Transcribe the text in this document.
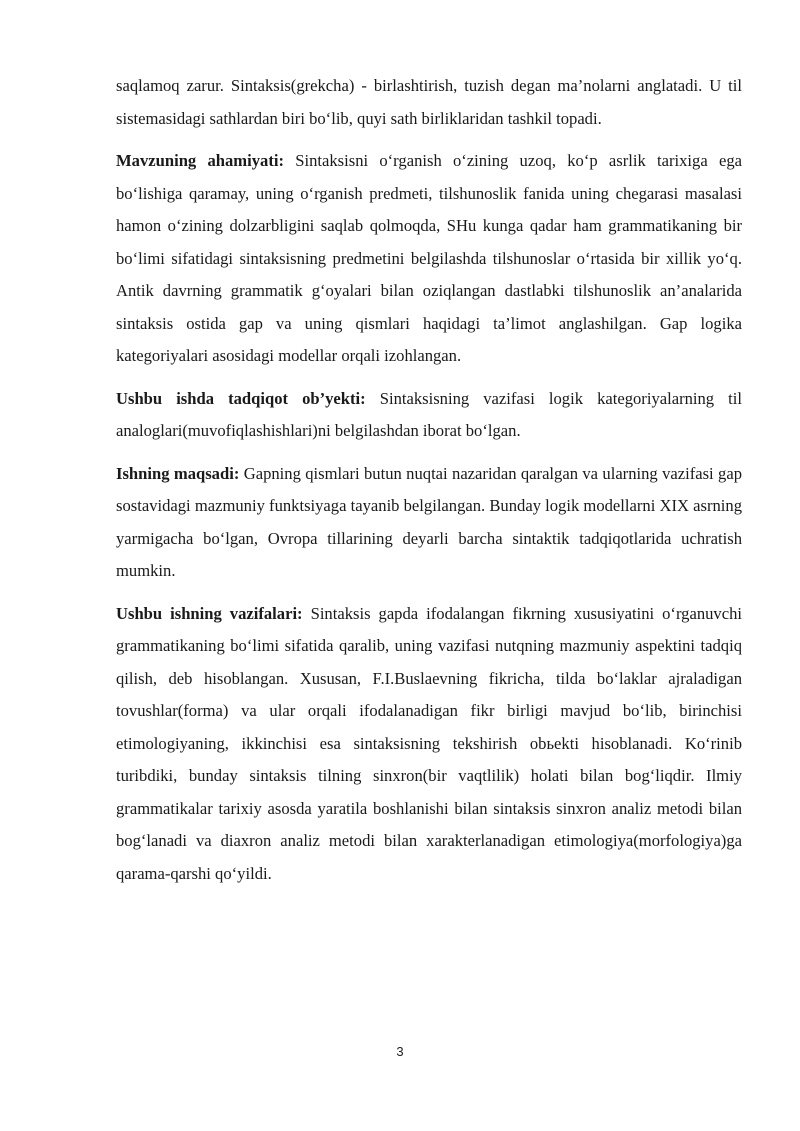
saqlamoq zarur. Sintaksis(grekcha) - birlashtirish, tuzish degan ma’nolarni anglatadi. U til sistemasidagi sathlardan biri bo‘lib, quyi sath birliklaridan tashkil topadi.

Mavzuning ahamiyati: Sintaksisni o‘rganish o‘zining uzoq, ko‘p asrlik tarixiga ega bo‘lishiga qaramay, uning o‘rganish predmeti, tilshunoslik fanida uning chegarasi masalasi hamon o‘zining dolzarbligini saqlab qolmoqda, SHu kunga qadar ham grammatikaning bir bo‘limi sifatidagi sintaksisning predmetini belgilashda tilshunoslar o‘rtasida bir xillik yo‘q. Antik davrning grammatik g‘oyalari bilan oziqlangan dastlabki tilshunoslik an’analarida sintaksis ostida gap va uning qismlari haqidagi ta’limot anglashilgan. Gap logika kategoriyalari asosidagi modellar orqali izohlangan.

Ushbu ishda tadqiqot ob’yekti: Sintaksisning vazifasi logik kategoriyalarning til analoglari(muvofiqlashishlari)ni belgilashdan iborat bo‘lgan.

Ishning maqsadi: Gapning qismlari butun nuqtai nazaridan qaralgan va ularning vazifasi gap sostavidagi mazmuniy funktsiyaga tayanib belgilangan. Bunday logik modellarni XIX asrning yarmigacha bo‘lgan, Ovropa tillarining deyarli barcha sintaktik tadqiqotlarida uchratish mumkin.

Ushbu ishning vazifalari: Sintaksis gapda ifodalangan fikrning xususiyatini o‘rganuvchi grammatikaning bo‘limi sifatida qaralib, uning vazifasi nutqning mazmuniy aspektini tadqiq qilish, deb hisoblangan. Xususan, F.I.Buslaevning fikricha, tilda bo‘laklar ajraladigan tovushlar(forma) va ular orqali ifodalanadigan fikr birligi mavjud bo‘lib, birinchisi etimologiyaning, ikkinchisi esa sintaksisning tekshirish obьekti hisoblanadi. Ko‘rinib turibdiki, bunday sintaksis tilning sinxron(bir vaqtlilik) holati bilan bog‘liqdir. Ilmiy grammatikalar tarixiy asosda yaratila boshlanishi bilan sintaksis sinxron analiz metodi bilan bog‘lanadi va diaxron analiz metodi bilan xarakterlanadigan etimologiya(morfologiya)ga qarama-qarshi qo‘yildi.

3
